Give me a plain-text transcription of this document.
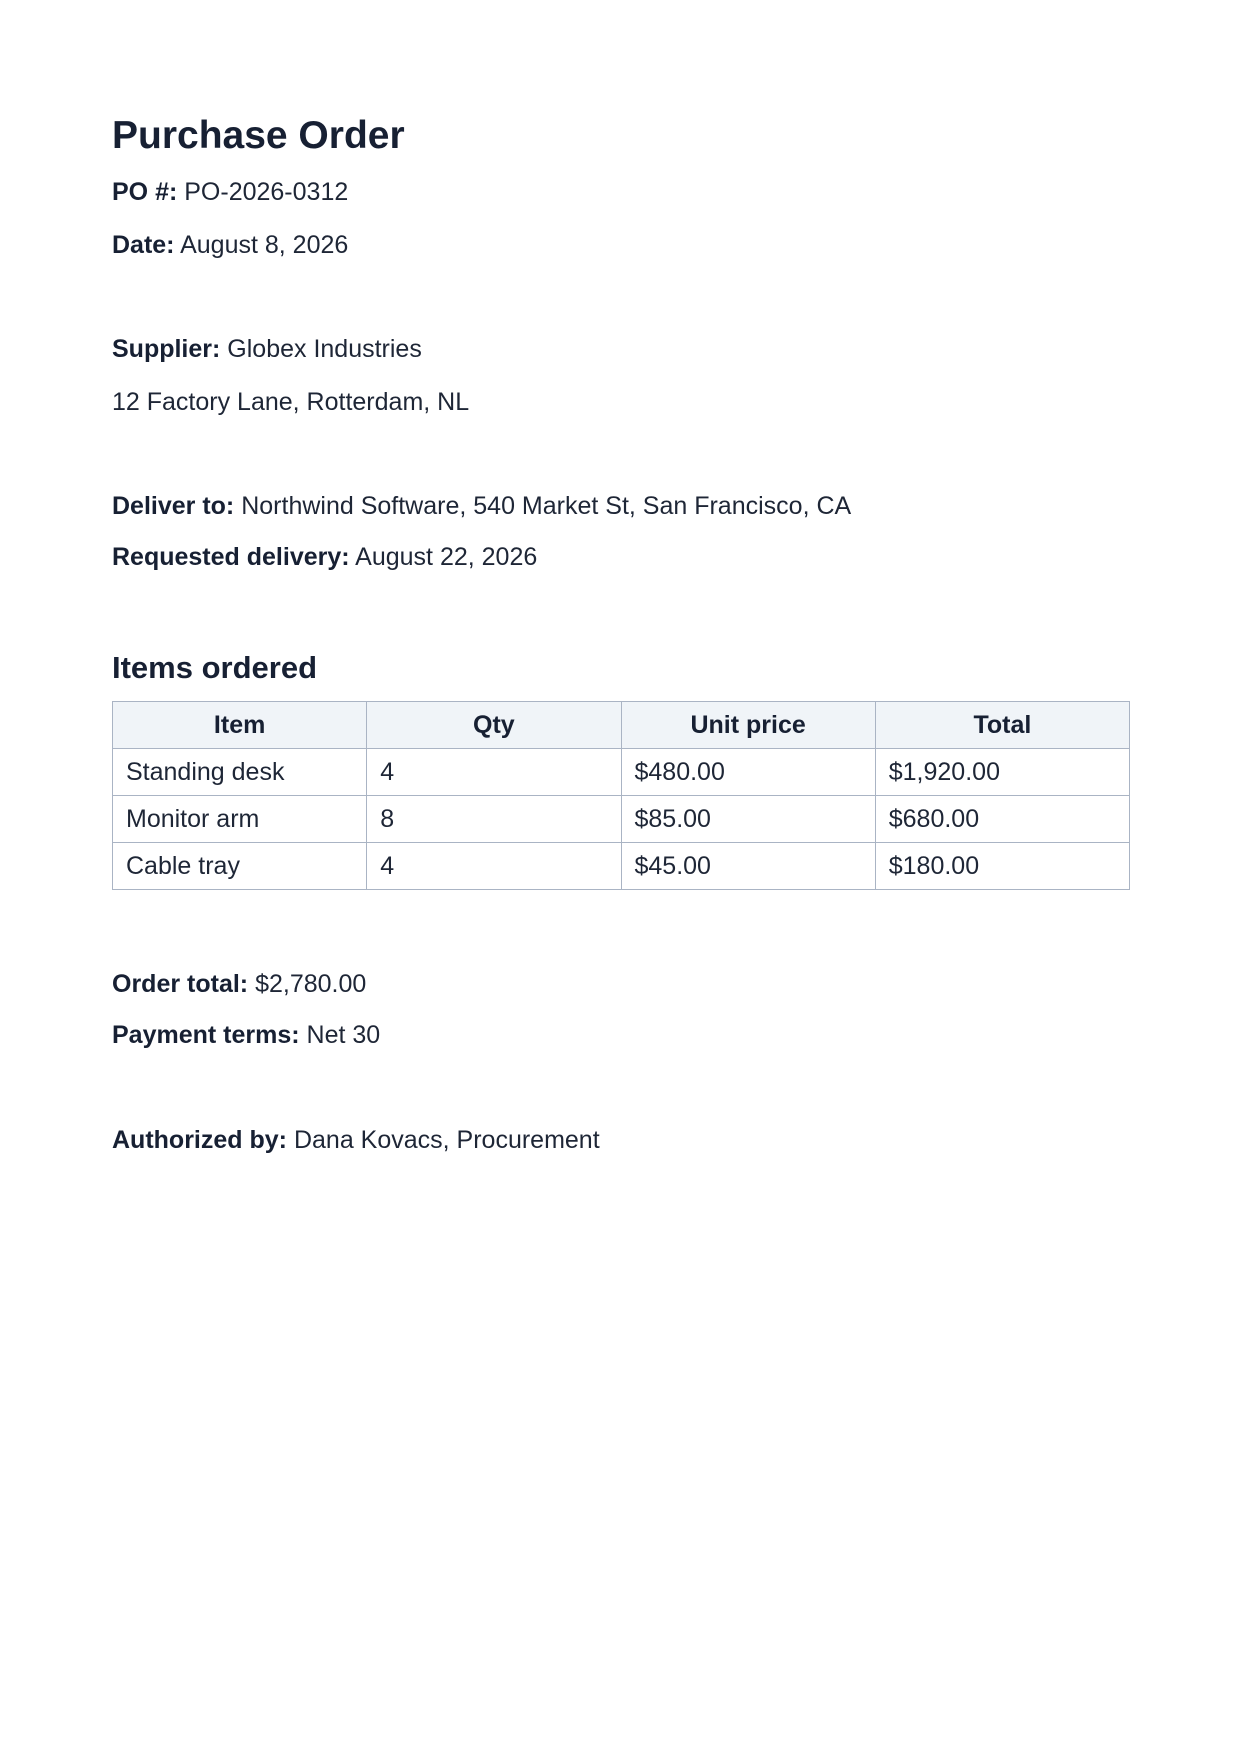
Purchase Order
PO #: PO-2026-0312
Date: August 8, 2026
Supplier: Globex Industries
12 Factory Lane, Rotterdam, NL
Deliver to: Northwind Software, 540 Market St, San Francisco, CA
Requested delivery: August 22, 2026
Items ordered
Item	Qty	Unit price	Total
Standing desk	4	$480.00	$1,920.00
Monitor arm	8	$85.00	$680.00
Cable tray	4	$45.00	$180.00
Order total: $2,780.00
Payment terms: Net 30
Authorized by: Dana Kovacs, Procurement
